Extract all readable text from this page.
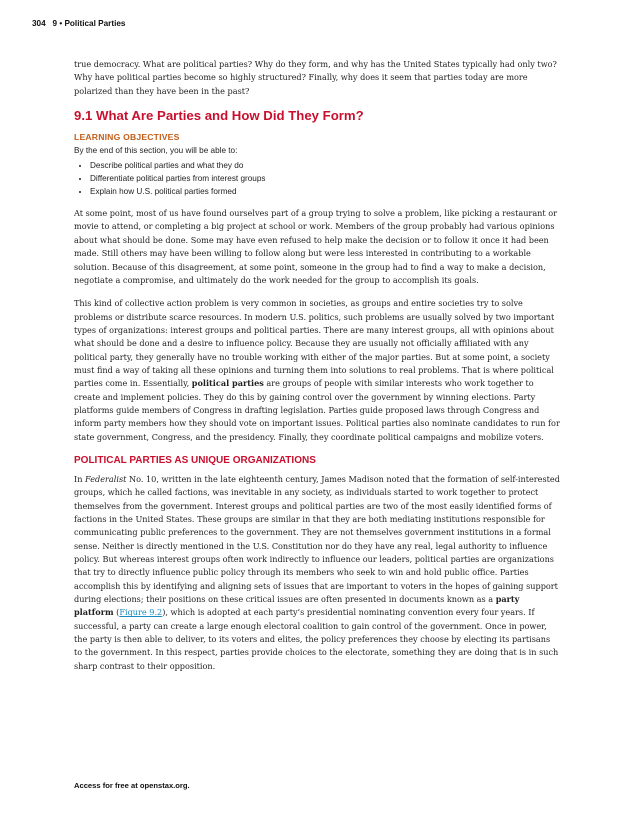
304 9 • Political Parties

true democracy. What are political parties? Why do they form, and why has the United States typically had only two? Why have political parties become so highly structured? Finally, why does it seem that parties today are more polarized than they have been in the past?

9.1 What Are Parties and How Did They Form?
LEARNING OBJECTIVES
By the end of this section, you will be able to:
• Describe political parties and what they do
• Differentiate political parties from interest groups
• Explain how U.S. political parties formed

At some point, most of us have found ourselves part of a group trying to solve a problem, like picking a restaurant or movie to attend, or completing a big project at school or work. Members of the group probably had various opinions about what should be done. Some may have even refused to help make the decision or to follow it once it had been made. Still others may have been willing to follow along but were less interested in contributing to a workable solution. Because of this disagreement, at some point, someone in the group had to find a way to make a decision, negotiate a compromise, and ultimately do the work needed for the group to accomplish its goals.

This kind of collective action problem is very common in societies, as groups and entire societies try to solve problems or distribute scarce resources. In modern U.S. politics, such problems are usually solved by two important types of organizations: interest groups and political parties. There are many interest groups, all with opinions about what should be done and a desire to influence policy. Because they are usually not officially affiliated with any political party, they generally have no trouble working with either of the major parties. But at some point, a society must find a way of taking all these opinions and turning them into solutions to real problems. That is where political parties come in. Essentially, political parties are groups of people with similar interests who work together to create and implement policies. They do this by gaining control over the government by winning elections. Party platforms guide members of Congress in drafting legislation. Parties guide proposed laws through Congress and inform party members how they should vote on important issues. Political parties also nominate candidates to run for state government, Congress, and the presidency. Finally, they coordinate political campaigns and mobilize voters.

POLITICAL PARTIES AS UNIQUE ORGANIZATIONS

In Federalist No. 10, written in the late eighteenth century, James Madison noted that the formation of self-interested groups, which he called factions, was inevitable in any society, as individuals started to work together to protect themselves from the government. Interest groups and political parties are two of the most easily identified forms of factions in the United States. These groups are similar in that they are both mediating institutions responsible for communicating public preferences to the government. They are not themselves government institutions in a formal sense. Neither is directly mentioned in the U.S. Constitution nor do they have any real, legal authority to influence policy. But whereas interest groups often work indirectly to influence our leaders, political parties are organizations that try to directly influence public policy through its members who seek to win and hold public office. Parties accomplish this by identifying and aligning sets of issues that are important to voters in the hopes of gaining support during elections; their positions on these critical issues are often presented in documents known as a party platform (Figure 9.2), which is adopted at each party’s presidential nominating convention every four years. If successful, a party can create a large enough electoral coalition to gain control of the government. Once in power, the party is then able to deliver, to its voters and elites, the policy preferences they choose by electing its partisans to the government. In this respect, parties provide choices to the electorate, something they are doing that is in such sharp contrast to their opposition.

Access for free at openstax.org.
